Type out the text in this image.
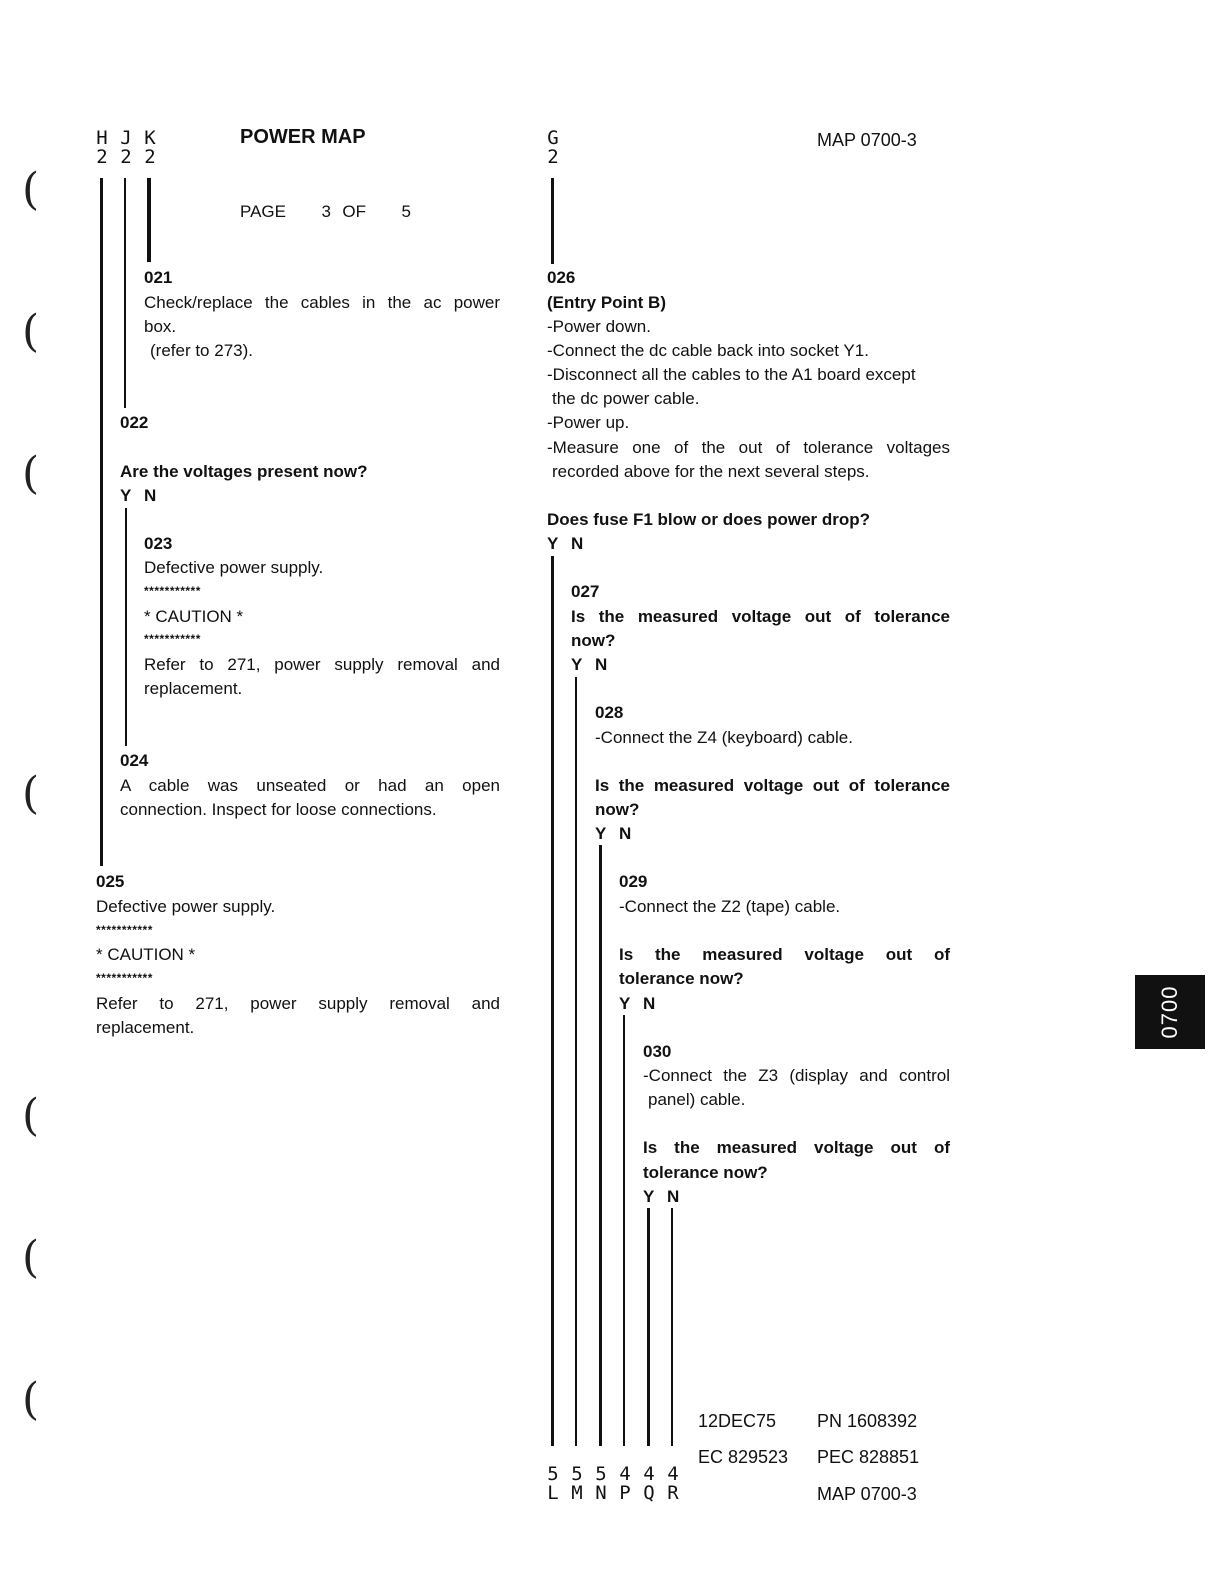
(
(
(
(
(
(
(
H
2
J
2
K
2
POWER MAP
PAGE 3 OF 5
G
2
MAP 0700-3
021
Check/replace the cables in the ac power
box.
(refer to 273).
022
Are the voltages present now?
Y N
023
Defective power supply.
***********
* CAUTION *
***********
Refer to 271, power supply removal and
replacement.
024
A cable was unseated or had an open
connection. Inspect for loose connections.
025
Defective power supply.
***********
* CAUTION *
***********
Refer to 271, power supply removal and
replacement.
026
(Entry Point B)
-Power down.
-Connect the dc cable back into socket Y1.
-Disconnect all the cables to the A1 board except
the dc power cable.
-Power up.
-Measure one of the out of tolerance voltages
recorded above for the next several steps.
Does fuse F1 blow or does power drop?
Y N
027
Is the measured voltage out of tolerance
now?
Y N
028
-Connect the Z4 (keyboard) cable.
Is the measured voltage out of tolerance
now?
Y N
029
-Connect the Z2 (tape) cable.
Is the measured voltage out of
tolerance now?
Y N
030
-Connect the Z3 (display and control
panel) cable.
Is the measured voltage out of
tolerance now?
Y N
5
L
5
M
5
N
4
P
4
Q
4
R
12DEC75 PN 1608392
EC 829523 PEC 828851
MAP 0700-3
0700
